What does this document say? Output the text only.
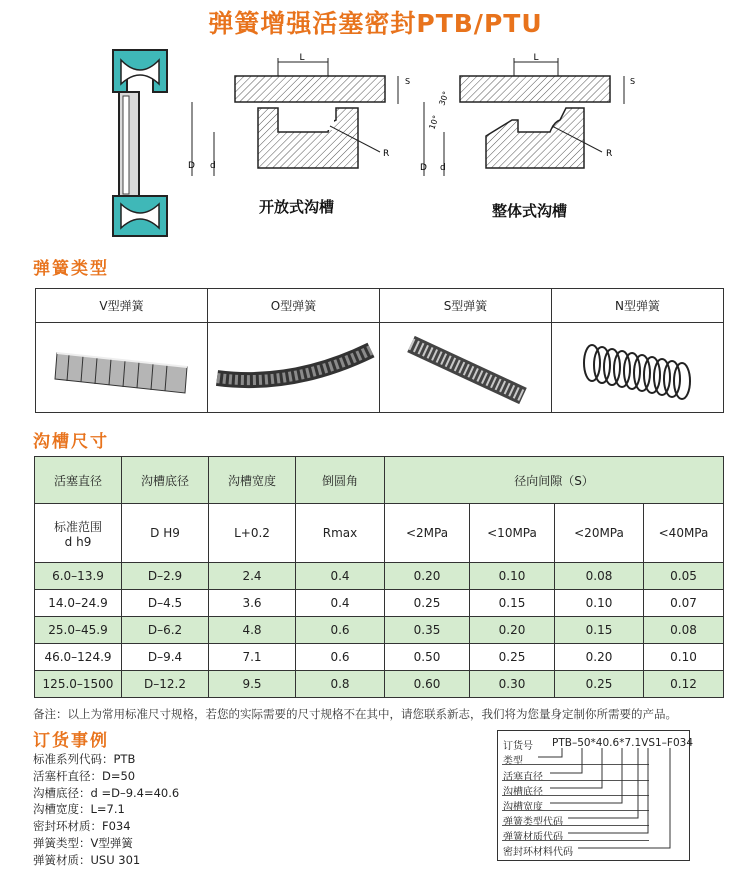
弹簧增强活塞密封PTB/PTU
L
S
D d
R
开放式沟槽
L
S
D d
10°
30°
R
整体式沟槽
弹簧类型
V型弹簧	O型弹簧	S型弹簧	N型弹簧
沟槽尺寸
活塞直径	沟槽底径	沟槽宽度	倒圆角	径向间隙（S）			
标准范围
d h9	D H9	L+0.2	Rmax	<2MPa	<10MPa	<20MPa	<40MPa
6.0–13.9	D–2.9	2.4	0.4	0.20	0.10	0.08	0.05
14.0–24.9	D–4.5	3.6	0.4	0.25	0.15	0.10	0.07
25.0–45.9	D–6.2	4.8	0.6	0.35	0.20	0.15	0.08
46.0–124.9	D–9.4	7.1	0.6	0.50	0.25	0.20	0.10
125.0–1500	D–12.2	9.5	0.8	0.60	0.30	0.25	0.12
备注：以上为常用标准尺寸规格，若您的实际需要的尺寸规格不在其中，请您联系新志，我们将为您量身定制你所需要的产品。
订货事例
标准系列代码：PTB
活塞杆直径：D=50
沟槽底径：d =D–9.4=40.6
沟槽宽度：L=7.1
密封环材质：F034
弹簧类型：V型弹簧
弹簧材质：USU 301
订货号 PTB–50*40.6*7.1VS1–F034
类型
活塞直径
沟槽底径
沟槽宽度
弹簧类型代码
弹簧材质代码
密封环材料代码
